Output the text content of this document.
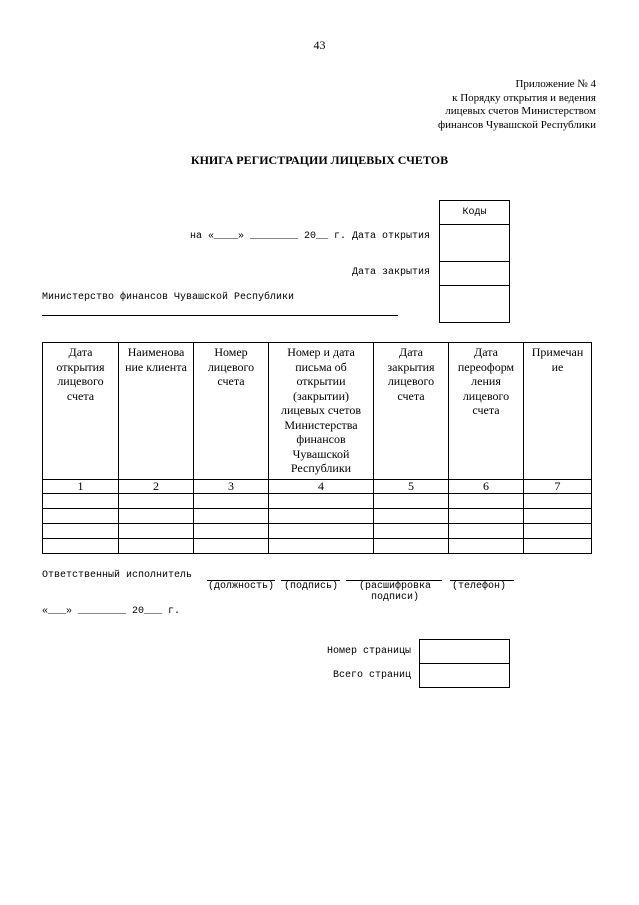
43
Приложение № 4
к Порядку открытия и ведения
лицевых счетов Министерством
финансов Чувашской Республики
КНИГА РЕГИСТРАЦИИ ЛИЦЕВЫХ СЧЕТОВ
Коды
на «____» ________ 20__ г. Дата открытия
Дата закрытия
Министерство финансов Чувашской Республики
Дата открытия лицевого счета	Наименова ние клиента	Номер лицевого счета	Номер и дата письма об открытии (закрытии) лицевых счетов Министерства финансов Чувашской Республики	Дата закрытия лицевого счета	Дата переоформ ления лицевого счета	Примечан ие
1	2	3	4	5	6	7

Ответственный исполнитель
(должность) (подпись) (расшифровка подписи)
(телефон)
«___» ________ 20___ г.
Номер страницы
Всего страниц
